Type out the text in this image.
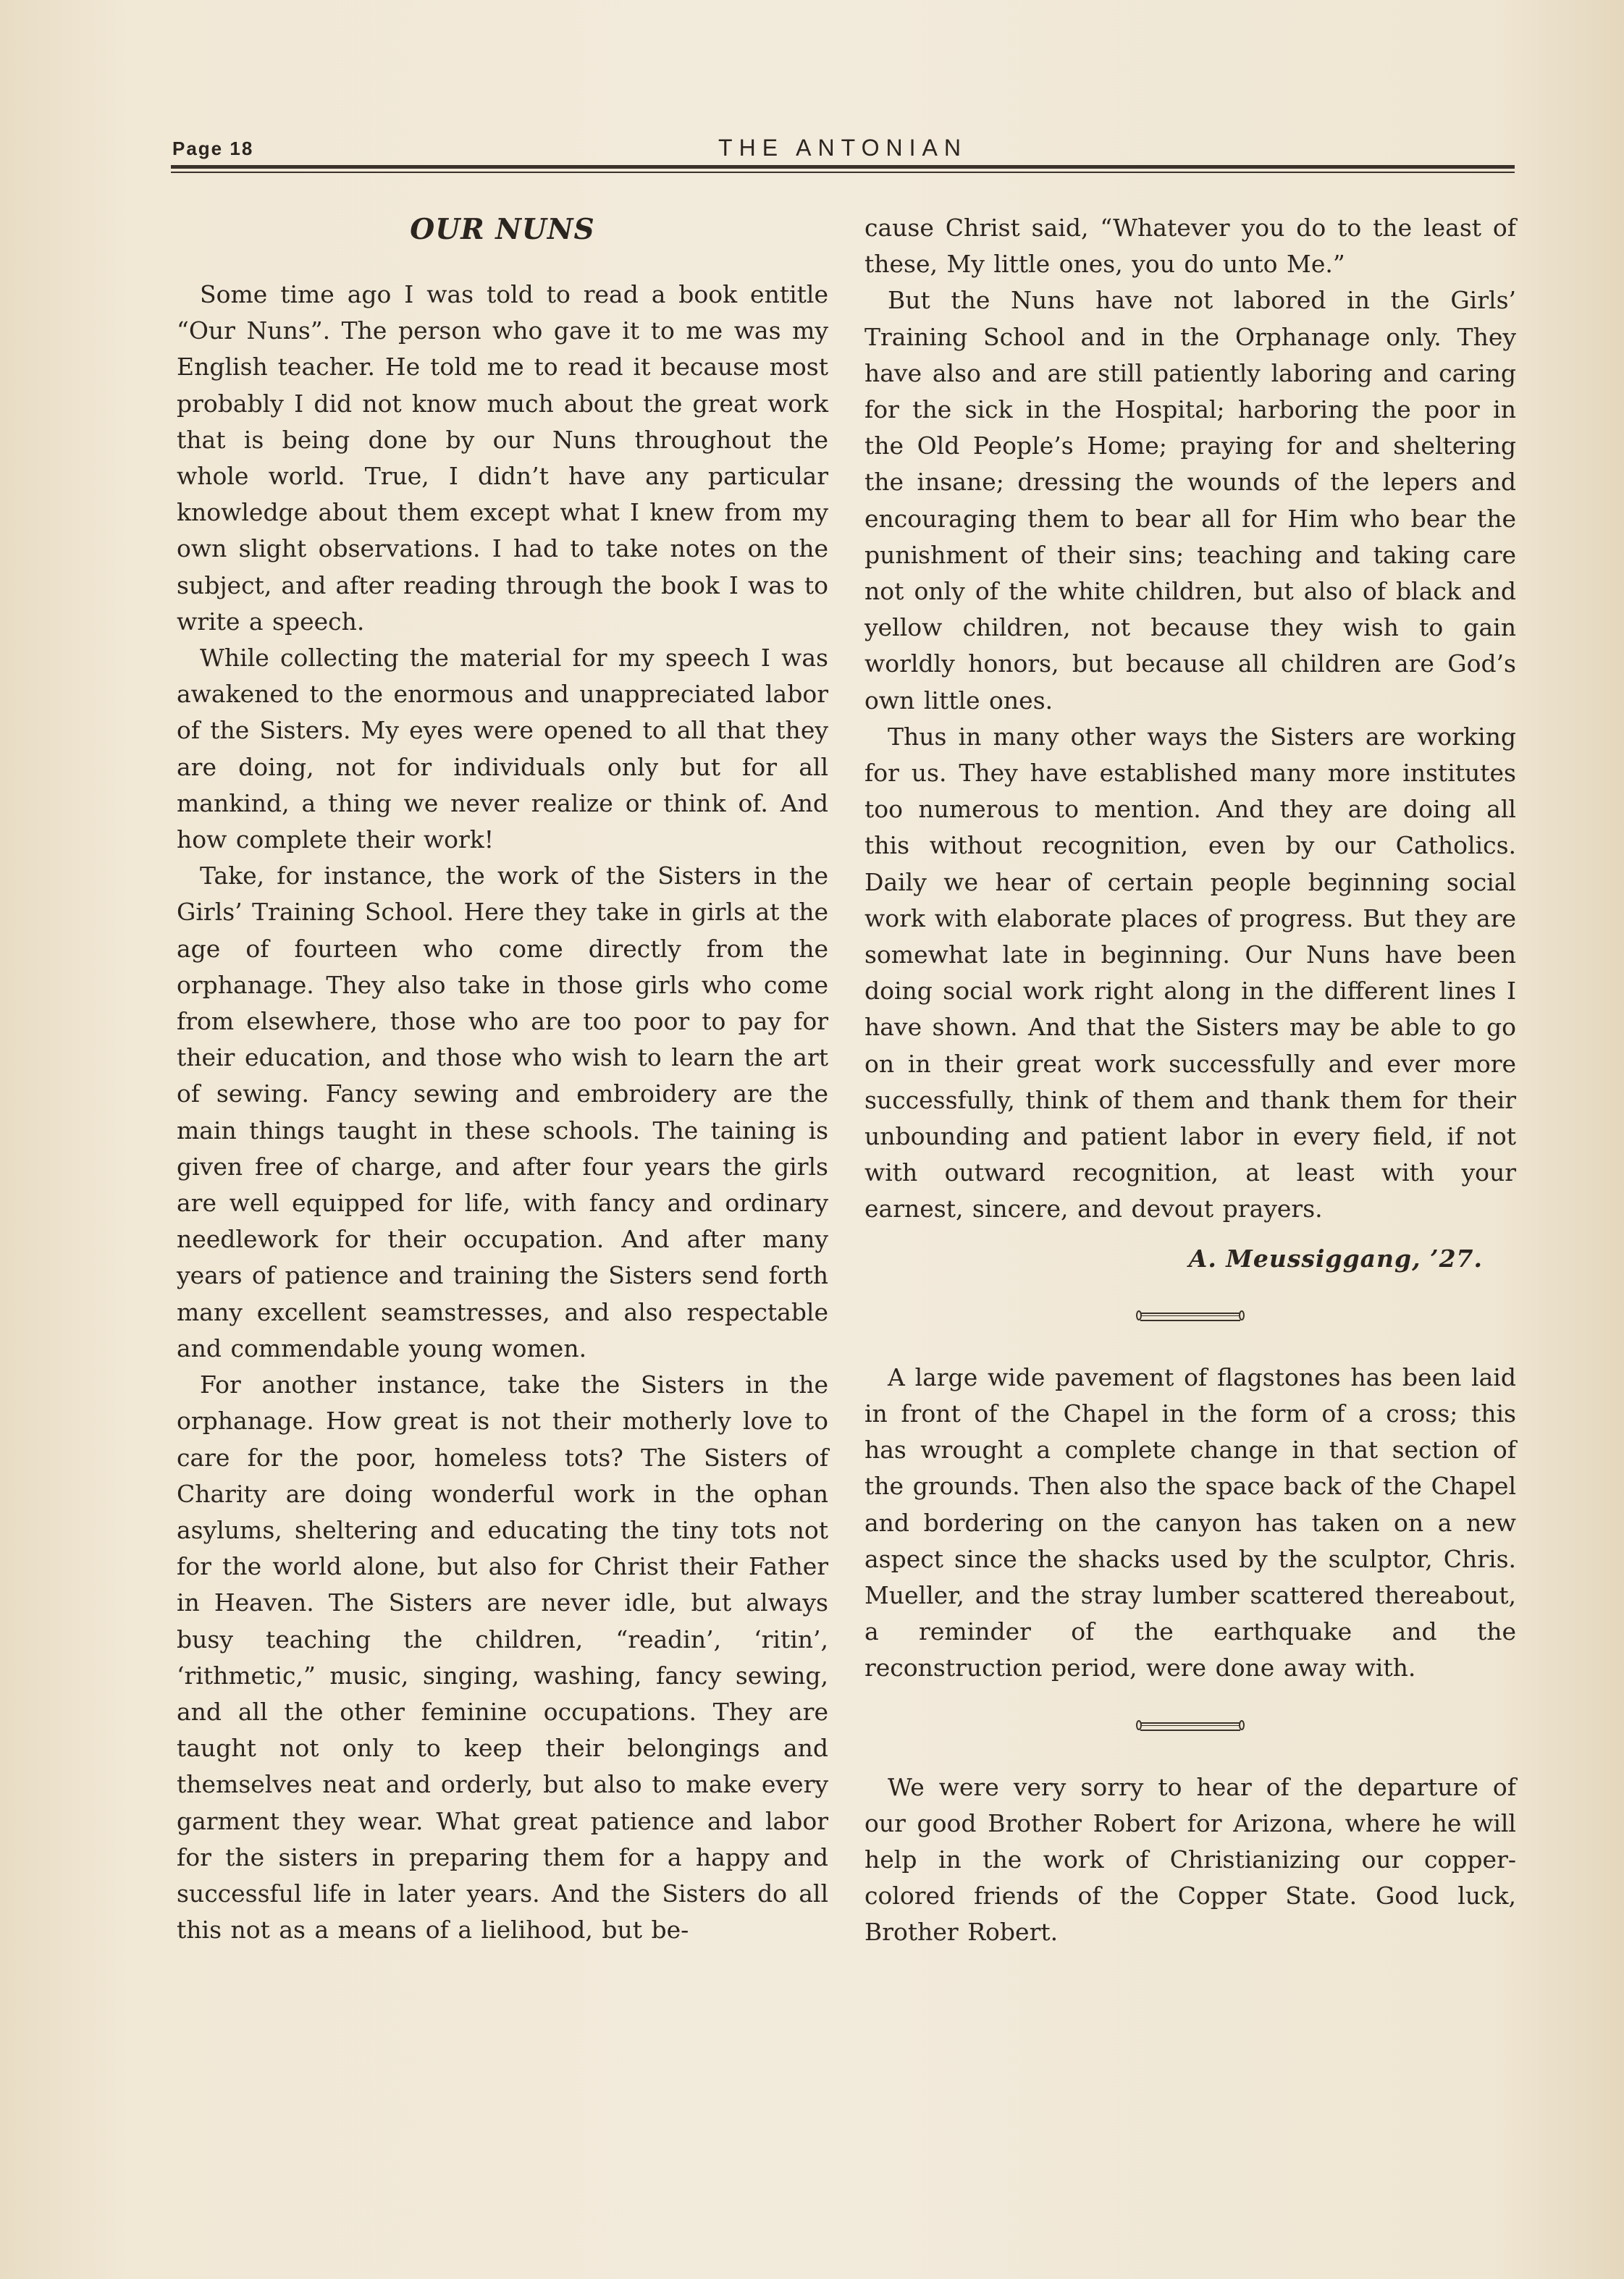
Page 18	THE ANTONIAN
OUR NUNS

Some time ago I was told to read a book entitle “Our Nuns”. The person who gave it to me was my English teacher. He told me to read it because most probably I did not know much about the great work that is being done by our Nuns throughout the whole world. True, I didn’t have any particular knowledge about them except what I knew from my own slight observations. I had to take notes on the subject, and after reading through the book I was to write a speech.

While collecting the material for my speech I was awakened to the enormous and unappreciated labor of the Sisters. My eyes were opened to all that they are doing, not for individuals only but for all mankind, a thing we never realize or think of. And how complete their work!

Take, for instance, the work of the Sisters in the Girls’ Training School. Here they take in girls at the age of fourteen who come directly from the orphanage. They also take in those girls who come from elsewhere, those who are too poor to pay for their education, and those who wish to learn the art of sewing. Fancy sewing and embroidery are the main things taught in these schools. The taining is given free of charge, and after four years the girls are well equipped for life, with fancy and ordinary needlework for their occupation. And after many years of patience and training the Sisters send forth many excellent seamstresses, and also respectable and commendable young women.

For another instance, take the Sisters in the orphanage. How great is not their motherly love to care for the poor, homeless tots? The Sisters of Charity are doing wonderful work in the ophan asylums, sheltering and educating the tiny tots not for the world alone, but also for Christ their Father in Heaven. The Sisters are never idle, but always busy teaching the children, “readin’, ‘ritin’, ‘rithmetic,” music, singing, washing, fancy sewing, and all the other feminine occupations. They are taught not only to keep their belongings and themselves neat and orderly, but also to make every garment they wear. What great patience and labor for the sisters in preparing them for a happy and successful life in later years. And the Sisters do all this not as a means of a lielihood, but be-

cause Christ said, “Whatever you do to the least of these, My little ones, you do unto Me.”

But the Nuns have not labored in the Girls’ Training School and in the Orphanage only. They have also and are still patiently laboring and caring for the sick in the Hospital; harboring the poor in the Old People’s Home; praying for and sheltering the insane; dressing the wounds of the lepers and encouraging them to bear all for Him who bear the punishment of their sins; teaching and taking care not only of the white children, but also of black and yellow children, not because they wish to gain worldly honors, but because all children are God’s own little ones.

Thus in many other ways the Sisters are working for us. They have established many more institutes too numerous to mention. And they are doing all this without recognition, even by our Catholics. Daily we hear of certain people beginning social work with elaborate places of progress. But they are somewhat late in beginning. Our Nuns have been doing social work right along in the different lines I have shown. And that the Sisters may be able to go on in their great work successfully and ever more successfully, think of them and thank them for their unbounding and patient labor in every field, if not with outward recognition, at least with your earnest, sincere, and devout prayers.

A. Meussiggang, ’27.

A large wide pavement of flagstones has been laid in front of the Chapel in the form of a cross; this has wrought a complete change in that section of the grounds. Then also the space back of the Chapel and bordering on the canyon has taken on a new aspect since the shacks used by the sculptor, Chris. Mueller, and the stray lumber scattered thereabout, a reminder of the earthquake and the reconstruction period, were done away with.

We were very sorry to hear of the departure of our good Brother Robert for Arizona, where he will help in the work of Christianizing our copper-colored friends of the Copper State. Good luck, Brother Robert.
